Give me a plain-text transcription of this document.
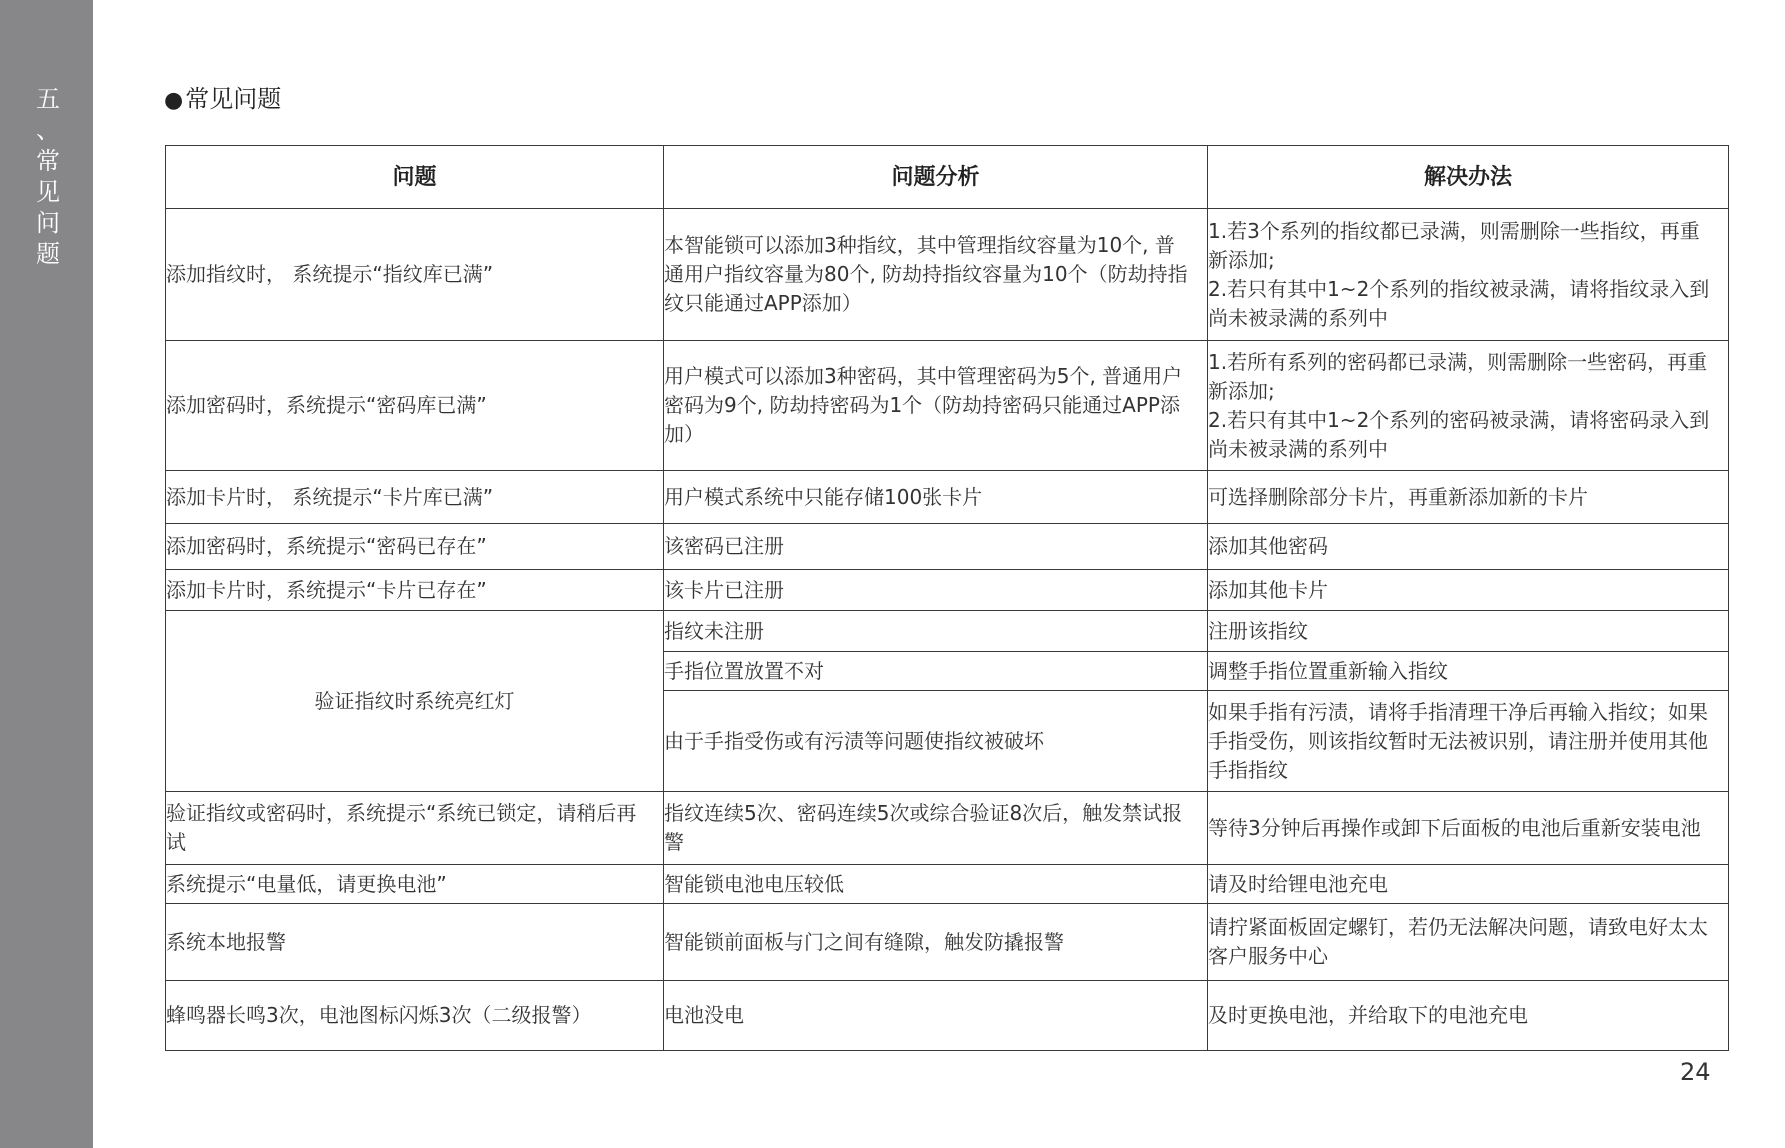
五
、
常
见
问
题
●常见问题
问题	问题分析	解决办法
添加指纹时， 系统提示“指纹库已满”	本智能锁可以添加3种指纹，其中管理指纹容量为10个, 普通用户指纹容量为80个, 防劫持指纹容量为10个（防劫持指纹只能通过APP添加）	1.若3个系列的指纹都已录满，则需删除一些指纹，再重新添加;
2.若只有其中1~2个系列的指纹被录满，请将指纹录入到尚未被录满的系列中
添加密码时，系统提示“密码库已满”	用户模式可以添加3种密码，其中管理密码为5个, 普通用户密码为9个, 防劫持密码为1个（防劫持密码只能通过APP添加）	1.若所有系列的密码都已录满，则需删除一些密码，再重新添加;
2.若只有其中1~2个系列的密码被录满，请将密码录入到尚未被录满的系列中
添加卡片时， 系统提示“卡片库已满”	用户模式系统中只能存储100张卡片	可选择删除部分卡片，再重新添加新的卡片
添加密码时，系统提示“密码已存在”	该密码已注册	添加其他密码
添加卡片时，系统提示“卡片已存在”	该卡片已注册	添加其他卡片
验证指纹时系统亮红灯	指纹未注册	注册该指纹
	手指位置放置不对	调整手指位置重新输入指纹
	由于手指受伤或有污渍等问题使指纹被破坏	如果手指有污渍，请将手指清理干净后再输入指纹；如果手指受伤，则该指纹暂时无法被识别，请注册并使用其他手指指纹
验证指纹或密码时，系统提示“系统已锁定，请稍后再试	指纹连续5次、密码连续5次或综合验证8次后，触发禁试报警	等待3分钟后再操作或卸下后面板的电池后重新安装电池
系统提示“电量低，请更换电池”	智能锁电池电压较低	请及时给锂电池充电
系统本地报警	智能锁前面板与门之间有缝隙，触发防撬报警	请拧紧面板固定螺钉，若仍无法解决问题，请致电好太太客户服务中心
蜂鸣器长鸣3次，电池图标闪烁3次（二级报警）	电池没电	及时更换电池，并给取下的电池充电
24
